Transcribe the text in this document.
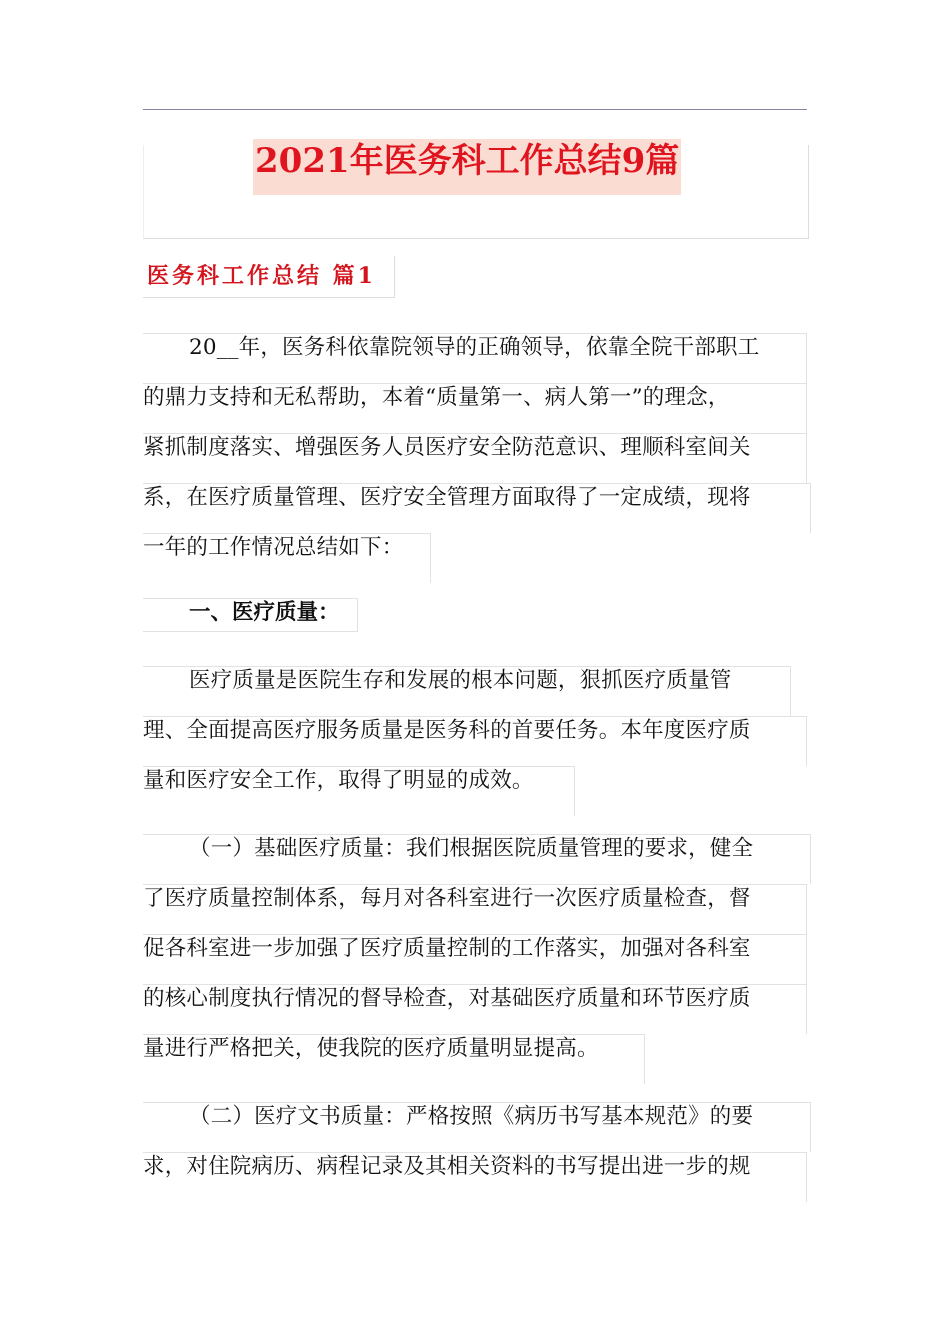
2021年医务科工作总结9篇
医务科工作总结 篇1
20__年，医务科依靠院领导的正确领导，依靠全院干部职工
的鼎力支持和无私帮助，本着“质量第一、病人第一”的理念，
紧抓制度落实、增强医务人员医疗安全防范意识、理顺科室间关
系，在医疗质量管理、医疗安全管理方面取得了一定成绩，现将
一年的工作情况总结如下：
一、医疗质量：
医疗质量是医院生存和发展的根本问题，狠抓医疗质量管
理、全面提高医疗服务质量是医务科的首要任务。本年度医疗质
量和医疗安全工作，取得了明显的成效。
（一）基础医疗质量：我们根据医院质量管理的要求，健全
了医疗质量控制体系，每月对各科室进行一次医疗质量检查，督
促各科室进一步加强了医疗质量控制的工作落实，加强对各科室
的核心制度执行情况的督导检查，对基础医疗质量和环节医疗质
量进行严格把关，使我院的医疗质量明显提高。
（二）医疗文书质量：严格按照《病历书写基本规范》的要
求，对住院病历、病程记录及其相关资料的书写提出进一步的规
